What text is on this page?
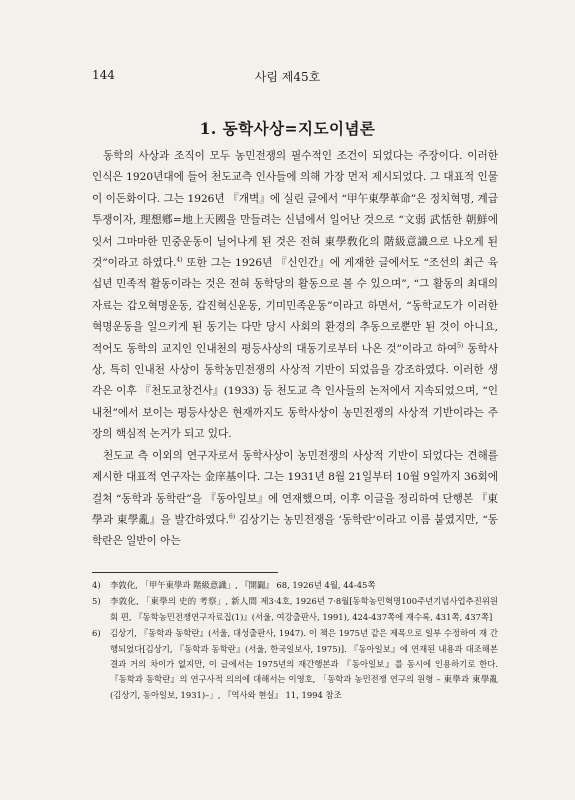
144	사림 제45호
1. 동학사상=지도이념론

동학의 사상과 조직이 모두 농민전쟁의 필수적인 조건이 되었다는 주장이다. 이러한 인식은 1920년대에 들어 천도교측 인사들에 의해 가장 먼저 제시되었다. 그 대표적 인물이 이돈화이다. 그는 1926년 『개벽』에 실린 글에서 “甲午東學革命”은 정치혁명, 계급투쟁이자, 理想鄕=地上天國을 만들려는 신념에서 일어난 것으로 “文弱 武恬한 朝鮮에 잇서 그마마한 민중운동이 닐어나게 된 것은 전혀 東學敎化의 階級意識으로 나오게 된 것”이라고 하였다.$^{4)}$ 또한 그는 1926년 『신인간』에 게재한 글에서도 “조선의 최근 육십년 민족적 활동이라는 것은 전혀 동학당의 활동으로 볼 수 있으며”, “그 활동의 최대의 자료는 갑오혁명운동, 갑진혁신운동, 기미민족운동”이라고 하면서, “동학교도가 이러한 혁명운동을 일으키게 된 동기는 다만 당시 사회의 환경의 추동으로뿐만 된 것이 아니요, 적어도 동학의 교지인 인내천의 평등사상의 대동기로부터 나온 것”이라고 하여$^{5)}$ 동학사상, 특히 인내천 사상이 동학농민전쟁의 사상적 기반이 되었음을 강조하였다. 이러한 생각은 이후 『천도교창건사』(1933) 등 천도교 측 인사들의 논저에서 지속되었으며, “인내천”에서 보이는 평등사상은 현재까지도 동학사상이 농민전쟁의 사상적 기반이라는 주장의 핵심적 논거가 되고 있다.

천도교 측 이외의 연구자로서 동학사상이 농민전쟁의 사상적 기반이 되었다는 견해를 제시한 대표적 연구자는 金庠基이다. 그는 1931년 8월 21일부터 10월 9일까지 36회에 걸쳐 “동학과 동학란”을 『동아일보』에 연재했으며, 이후 이글을 정리하여 단행본 『東學과 東學亂』을 발간하였다.$^{6)}$ 김상기는 농민전쟁을 ‘동학란’이라고 이름 붙였지만, “동학란은 일반이 아는

4) 李敦化, 「甲午東學과 階級意識」, 『開闢』 68, 1926년 4월, 44-45쪽
5) 李敦化, 「東學의 史的 考察」, 新人間 제3·4호, 1926년 7·8월[동학농민혁명100주년기념사업추진위원회 편, 『동학농민전쟁연구자료집(1)』(서울, 여강출판사, 1991), 424-437쪽에 재수록, 431쪽, 437쪽]
6) 김상기, 『동학과 동학란』(서울, 대성출판사, 1947). 이 책은 1975년 같은 제목으로 일부 수정하여 재 간행되었다[김상기, 『동학과 동학란』(서울, 한국일보사, 1975)]. 『동아일보』에 연재된 내용과 대조해본 결과 거의 차이가 없지만, 이 글에서는 1975년의 재간행본과 『동아일보』를 동시에 인용하기로 한다. 『동학과 동학란』의 연구사적 의의에 대해서는 이영호, 「동학과 농민전쟁 연구의 원형 – 東學과 東學亂(김상기, 동아일보, 1931)–」, 『역사와 현실』 11, 1994 참조
